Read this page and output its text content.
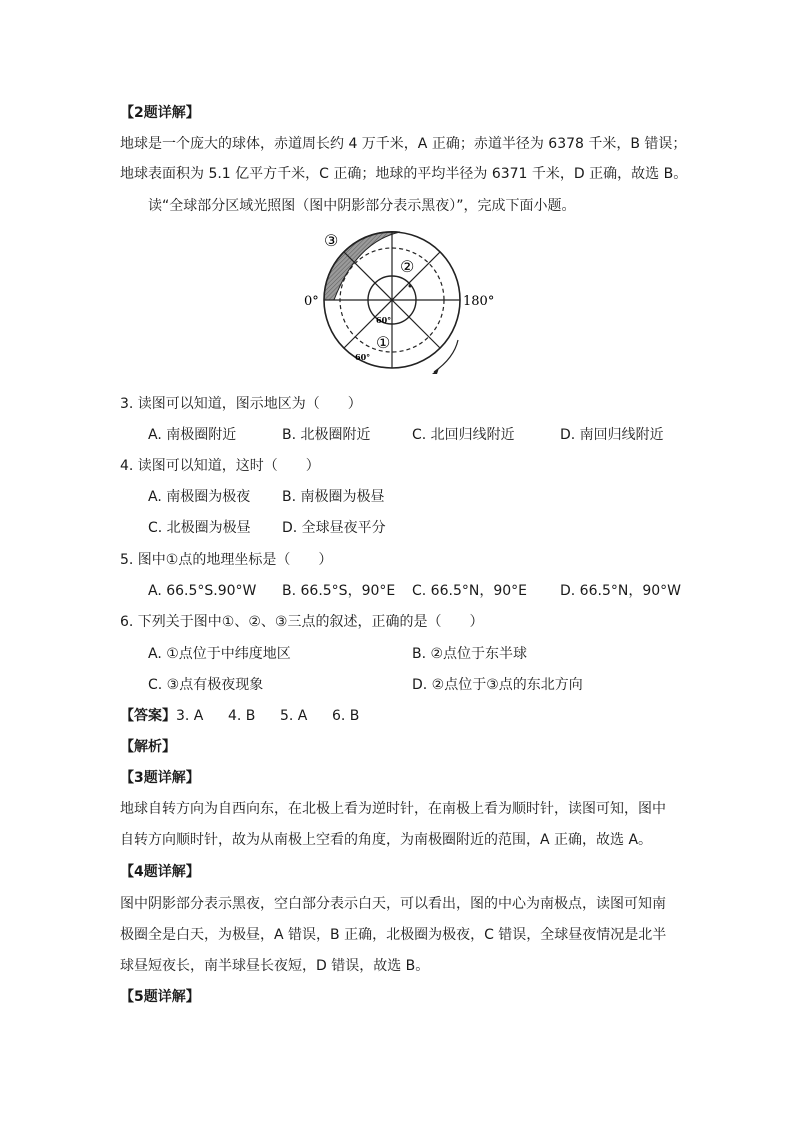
【2题详解】
地球是一个庞大的球体，赤道周长约 4 万千米，A 正确；赤道半径为 6378 千米，B 错误；
地球表面积为 5.1 亿平方千米，C 正确；地球的平均半径为 6371 千米，D 正确，故选 B。
读“全球部分区域光照图（图中阴影部分表示黑夜）”，完成下面小题。
0°	180°
60°
60°
③
②
①
3. 读图可以知道，图示地区为（　　）
A. 南极圈附近	B. 北极圈附近	C. 北回归线附近	D. 南回归线附近
4. 读图可以知道，这时（　　）
A. 南极圈为极夜 B. 南极圈为极昼
C. 北极圈为极昼 D. 全球昼夜平分
5. 图中①点的地理坐标是（　　）
A. 66.5°S.90°W B. 66.5°S，90°E C. 66.5°N，90°E D. 66.5°N，90°W
6. 下列关于图中①、②、③三点的叙述，正确的是（　　）
A. ①点位于中纬度地区	B. ②点位于东半球
C. ③点有极夜现象	D. ②点位于③点的东北方向
【答案】 3. A 4. B 5. A 6. B
【解析】
【3题详解】
地球自转方向为自西向东，在北极上看为逆时针，在南极上看为顺时针，读图可知，图中
自转方向顺时针，故为从南极上空看的角度，为南极圈附近的范围，A 正确，故选 A。
【4题详解】
图中阴影部分表示黑夜，空白部分表示白天，可以看出，图的中心为南极点，读图可知南
极圈全是白天，为极昼，A 错误，B 正确，北极圈为极夜，C 错误，全球昼夜情况是北半
球昼短夜长，南半球昼长夜短，D 错误，故选 B。
【5题详解】
